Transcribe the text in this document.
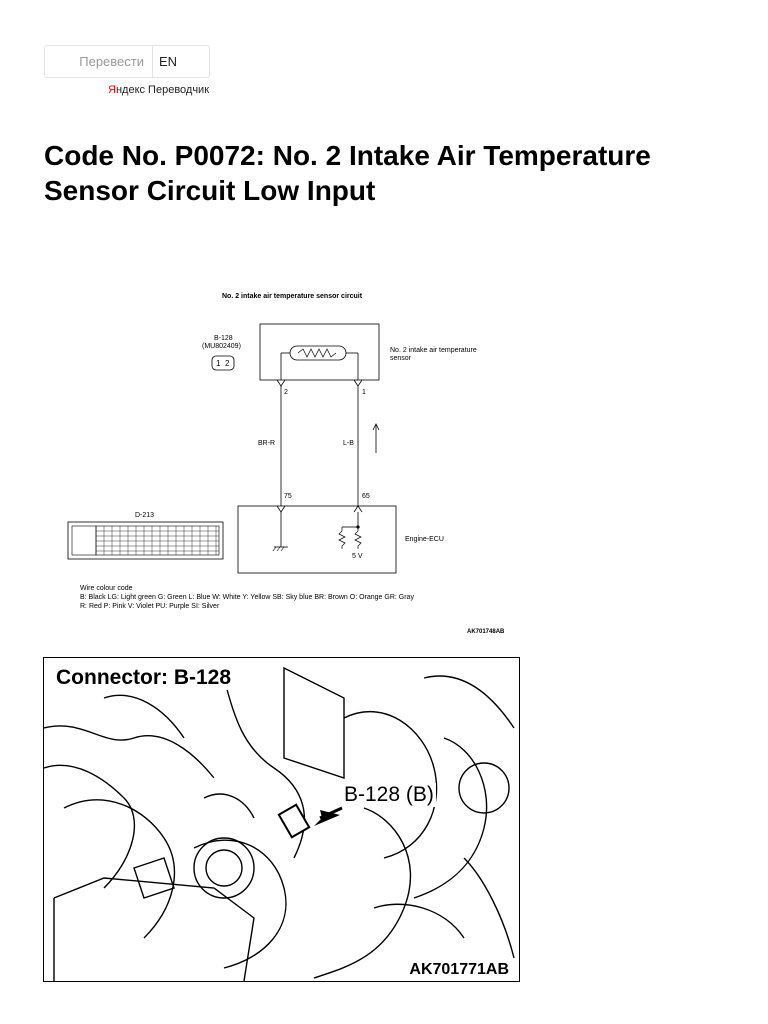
Перевести	EN
Яндекс Переводчик
Code No. P0072: No. 2 Intake Air Temperature Sensor Circuit Low Input
No. 2 intake air temperature sensor circuit
No. 2 intake air temperature
sensor
B-128
(MU802409)
1 2
2	1
BR-R	L-B
75	65
5 V
Engine-ECU
D-213
Wire colour code
B: Black LG: Light green G: Green L: Blue W: White Y: Yellow SB: Sky blue BR: Brown O: Orange GR: Gray
R: Red P: Pink V: Violet PU: Purple SI: Silver
AK701748AB
Connector: B-128
B-128 (B)
AK701771AB
